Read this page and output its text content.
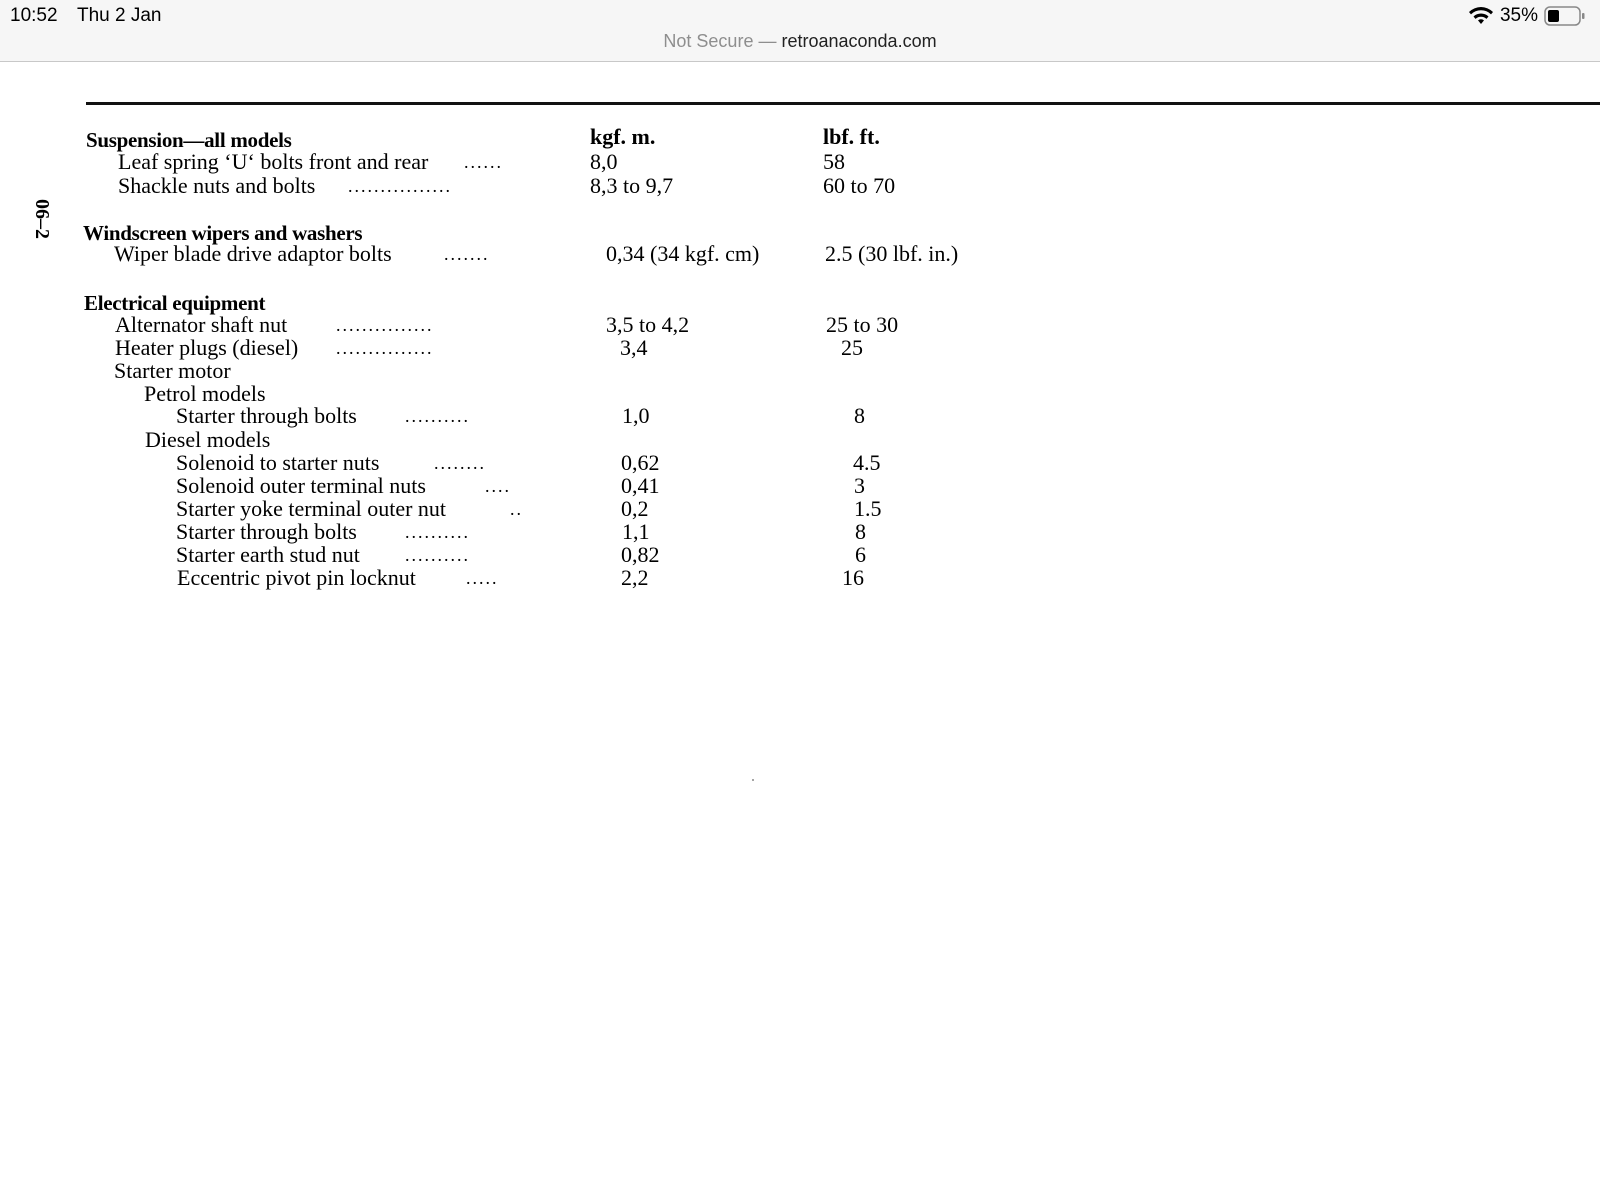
10:52 Thu 2 Jan
Not Secure — retroanaconda.com
35%
06–2
Suspension—all models	kgf. m.	lbf. ft.
Leaf spring ‘U‘ bolts front and rear ......	8,0	58
Shackle nuts and bolts ................	8,3 to 9,7	60 to 70
Windscreen wipers and washers
Wiper blade drive adaptor bolts	.......	0,34 (34 kgf. cm)	2.5 (30 lbf. in.)
Electrical equipment
Alternator shaft nut	...............	3,5 to 4,2	25 to 30
Heater plugs (diesel) ...............	3,4	25
Starter motor
Petrol models
Starter through bolts	..........	1,0	8
Diesel models
Solenoid to starter nuts	........	0,62	4.5
Solenoid outer terminal nuts	....	0,41	3
Starter yoke terminal outer nut	..	0,2	1.5
Starter through bolts	..........	1,1	8
Starter earth stud nut	..........	0,82	6
Eccentric pivot pin locknut	.....	2,2	16
